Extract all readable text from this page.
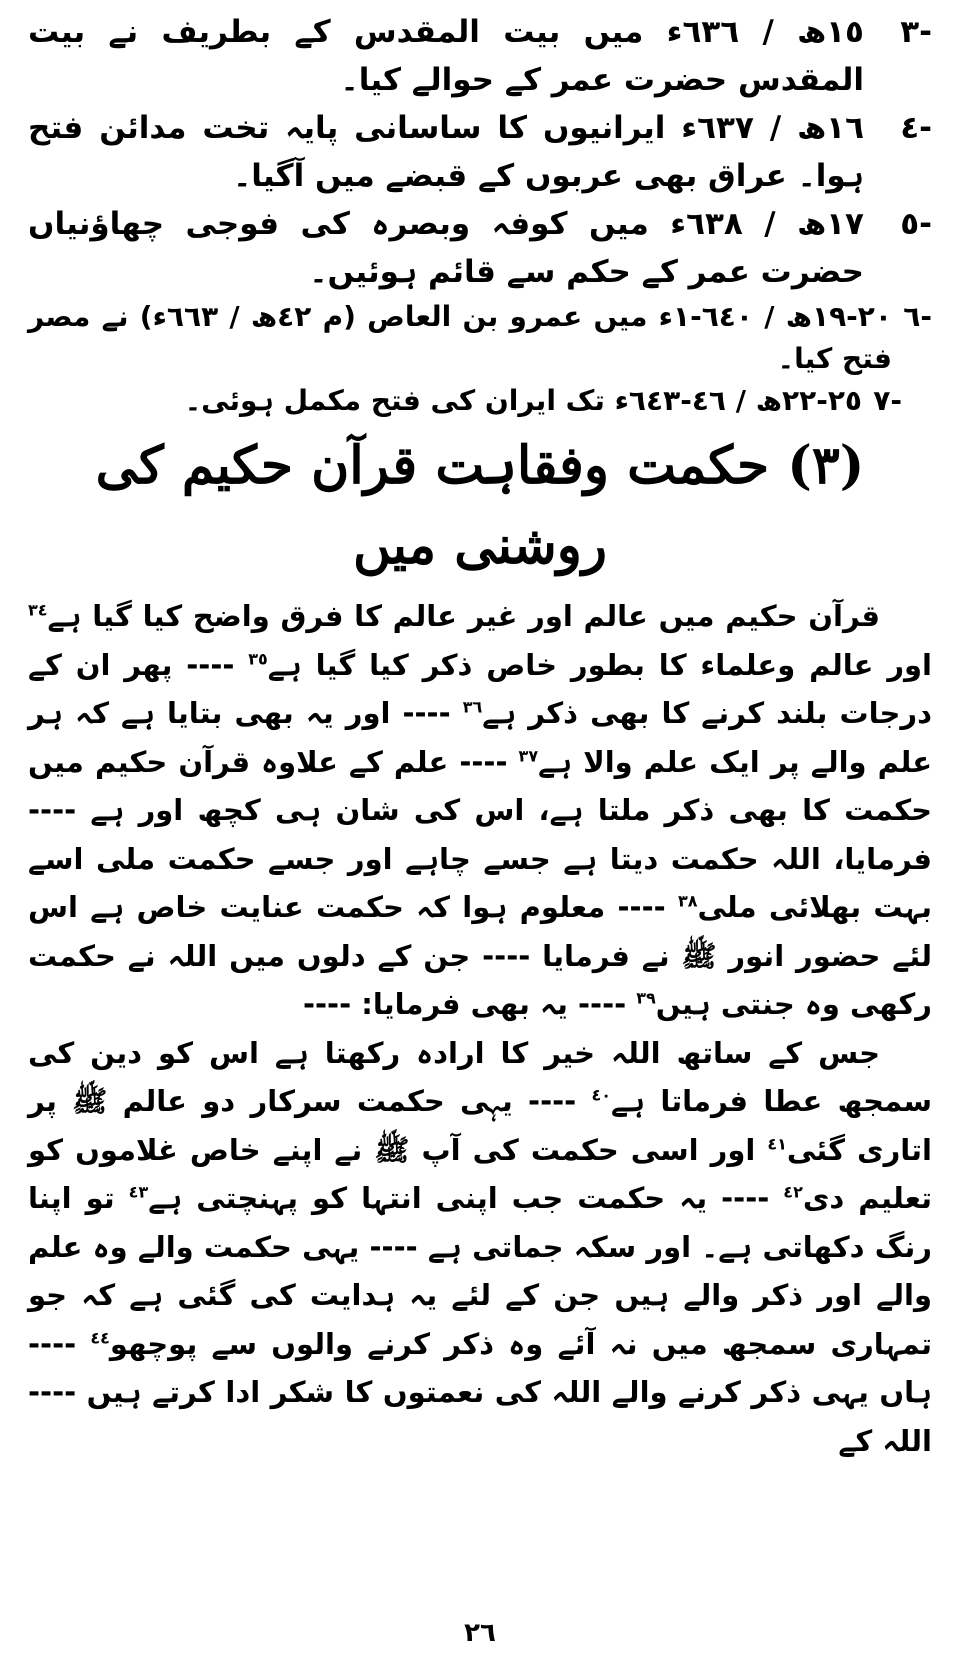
-٣
١٥ھ / ٦٣٦ء میں بیت المقدس کے بطریف نے بیت المقدس حضرت عمر کے حوالے کیا۔
-٤
١٦ھ / ٦٣٧ء ایرانیوں کا ساسانی پایہ تخت مدائن فتح ہوا۔ عراق بھی عربوں کے قبضے میں آگیا۔
-٥
١٧ھ / ٦٣٨ء میں کوفہ وبصرہ کی فوجی چھاؤنیاں حضرت عمر کے حکم سے قائم ہوئیں۔
-٦
٢٠-١٩ھ / ٦٤٠-١ء میں عمرو بن العاص (م ٤٢ھ / ٦٦٣ء) نے مصر فتح کیا۔
-٧
٢٥-٢٢ھ / ٤٦-٦٤٣ء تک ایران کی فتح مکمل ہوئی۔
(٣) حکمت وفقاہت قرآن حکیم کی روشنی میں

قرآن حکیم میں عالم اور غیر عالم کا فرق واضح کیا گیا ہے$^{٣٤}$ اور عالم وعلماء کا بطور خاص ذکر کیا گیا ہے$^{٣٥}$ ---- پھر ان کے درجات بلند کرنے کا بھی ذکر ہے$^{٣٦}$ ---- اور یہ بھی بتایا ہے کہ ہر علم والے پر ایک علم والا ہے$^{٣٧}$ ---- علم کے علاوہ قرآن حکیم میں حکمت کا بھی ذکر ملتا ہے، اس کی شان ہی کچھ اور ہے ---- فرمایا، اللہ حکمت دیتا ہے جسے چاہے اور جسے حکمت ملی اسے بہت بھلائی ملی$^{٣٨}$ ---- معلوم ہوا کہ حکمت عنایت خاص ہے اس لئے حضور انور ﷺ نے فرمایا ---- جن کے دلوں میں اللہ نے حکمت رکھی وہ جنتی ہیں$^{٣٩}$ ---- یہ بھی فرمایا: ----

جس کے ساتھ اللہ خیر کا ارادہ رکھتا ہے اس کو دین کی سمجھ عطا فرماتا ہے$^{٤٠}$ ---- یہی حکمت سرکار دو عالم ﷺ پر اتاری گئی$^{٤١}$ اور اسی حکمت کی آپ ﷺ نے اپنے خاص غلاموں کو تعلیم دی$^{٤٢}$ ---- یہ حکمت جب اپنی انتہا کو پہنچتی ہے$^{٤٣}$ تو اپنا رنگ دکھاتی ہے۔ اور سکہ جماتی ہے ---- یہی حکمت والے وہ علم والے اور ذکر والے ہیں جن کے لئے یہ ہدایت کی گئی ہے کہ جو تمہاری سمجھ میں نہ آئے وہ ذکر کرنے والوں سے پوچھو$^{٤٤}$ ---- ہاں یہی ذکر کرنے والے اللہ کی نعمتوں کا شکر ادا کرتے ہیں ---- اللہ کے

٢٦
